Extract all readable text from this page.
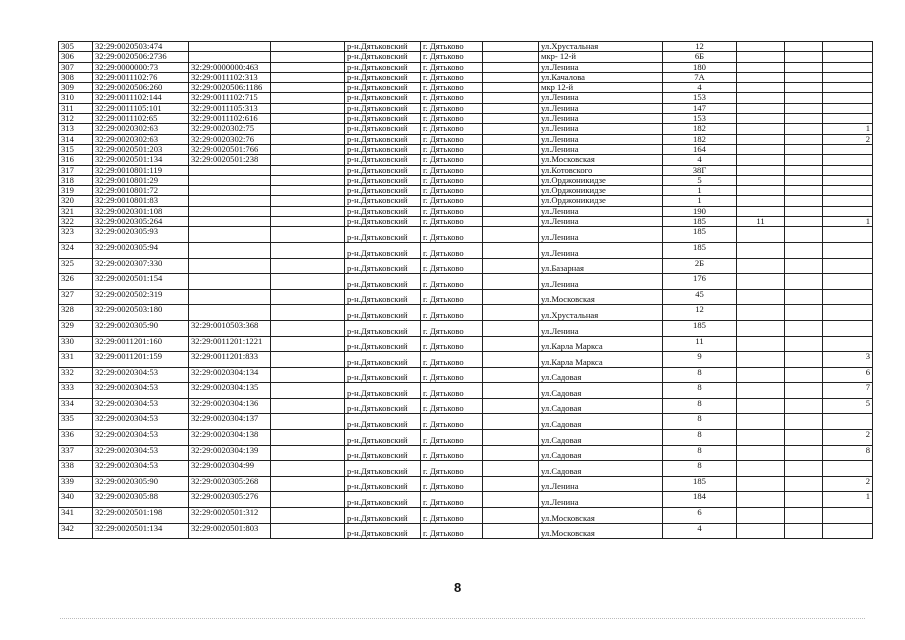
305	32:29:0020503:474			р-н.Дятьковский	г. Дятьково		ул.Хрустальная	12			
306	32:29:0020506:2736			р-н.Дятьковский	г. Дятьково		мкр- 12-й	6Б			
307	32:29:0000000:73	32:29:0000000:463		р-н.Дятьковский	г. Дятьково		ул.Ленина	180			
308	32:29:0011102:76	32:29:0011102:313		р-н.Дятьковский	г. Дятьково		ул.Качалова	7А			
309	32:29:0020506:260	32:29:0020506:1186		р-н.Дятьковский	г. Дятьково		мкр 12-й	4			
310	32:29:0011102:144	32:29:0011102:715		р-н.Дятьковский	г. Дятьково		ул.Ленина	153			
311	32:29:0011105:101	32:29:0011105:313		р-н.Дятьковский	г. Дятьково		ул.Ленина	147			
312	32:29:0011102:65	32:29:0011102:616		р-н.Дятьковский	г. Дятьково		ул.Ленина	153			
313	32:29:0020302:63	32:29:0020302:75		р-н.Дятьковский	г. Дятьково		ул.Ленина	182			1
314	32:29:0020302:63	32:29:0020302:76		р-н.Дятьковский	г. Дятьково		ул.Ленина	182			2
315	32:29:0020501:203	32:29:0020501:766		р-н.Дятьковский	г. Дятьково		ул.Ленина	164			
316	32:29:0020501:134	32:29:0020501:238		р-н.Дятьковский	г. Дятьково		ул.Московская	4			
317	32:29:0010801:119			р-н.Дятьковский	г. Дятьково		ул.Котовского	38Г			
318	32:29:0010801:29			р-н.Дятьковский	г. Дятьково		ул.Орджоникидзе	5			
319	32:29:0010801:72			р-н.Дятьковский	г. Дятьково		ул.Орджоникидзе	1			
320	32:29:0010801:83			р-н.Дятьковский	г. Дятьково		ул.Орджоникидзе	1			
321	32:29:0020301:108			р-н.Дятьковский	г. Дятьково		ул.Ленина	190			
322	32:29:0020305:264			р-н.Дятьковский	г. Дятьково		ул.Ленина	185	11		1
323	32:29:0020305:93			р-н.Дятьковский	г. Дятьково		ул.Ленина	185			
324	32:29:0020305:94			р-н.Дятьковский	г. Дятьково		ул.Ленина	185			
325	32:29:0020307:330			р-н.Дятьковский	г. Дятьково		ул.Базарная	2Б			
326	32:29:0020501:154			р-н.Дятьковский	г. Дятьково		ул.Ленина	176			
327	32:29:0020502:319			р-н.Дятьковский	г. Дятьково		ул.Московская	45			
328	32:29:0020503:180			р-н.Дятьковский	г. Дятьково		ул.Хрустальная	12			
329	32:29:0020305:90	32:29:0010503:368		р-н.Дятьковский	г. Дятьково		ул.Ленина	185			
330	32:29:0011201:160	32:29:0011201:1221		р-н.Дятьковский	г. Дятьково		ул.Карла Маркса	11			
331	32:29:0011201:159	32:29:0011201:833		р-н.Дятьковский	г. Дятьково		ул.Карла Маркса	9			3
332	32:29:0020304:53	32:29:0020304:134		р-н.Дятьковский	г. Дятьково		ул.Садовая	8			6
333	32:29:0020304:53	32:29:0020304:135		р-н.Дятьковский	г. Дятьково		ул.Садовая	8			7
334	32:29:0020304:53	32:29:0020304:136		р-н.Дятьковский	г. Дятьково		ул.Садовая	8			5
335	32:29:0020304:53	32:29:0020304:137		р-н.Дятьковский	г. Дятьково		ул.Садовая	8			
336	32:29:0020304:53	32:29:0020304:138		р-н.Дятьковский	г. Дятьково		ул.Садовая	8			2
337	32:29:0020304:53	32:29:0020304:139		р-н.Дятьковский	г. Дятьково		ул.Садовая	8			8
338	32:29:0020304:53	32:29:0020304:99		р-н.Дятьковский	г. Дятьково		ул.Садовая	8			
339	32:29:0020305:90	32:29:0020305:268		р-н.Дятьковский	г. Дятьково		ул.Ленина	185			2
340	32:29:0020305:88	32:29:0020305:276		р-н.Дятьковский	г. Дятьково		ул.Ленина	184			1
341	32:29:0020501:198	32:29:0020501:312		р-н.Дятьковский	г. Дятьково		ул.Московская	6			
342	32:29:0020501:134	32:29:0020501:803		р-н.Дятьковский	г. Дятьково		ул.Московская	4			
8
